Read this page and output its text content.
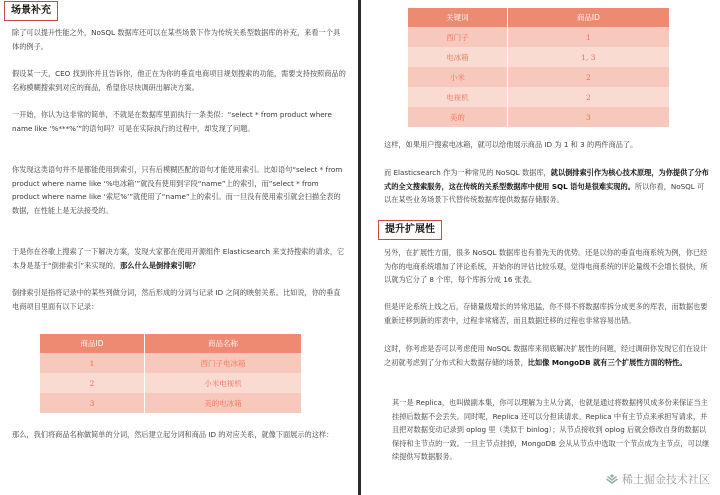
场景补充

除了可以提升性能之外，NoSQL 数据库还可以在某些场景下作为传统关系型数据库的补充，来看一个具体的例子。

假设某一天，CEO 找到你并且告诉你，他正在为你的垂直电商项目规划搜索的功能，需要支持按照商品的名称模糊搜索到对应的商品，希望你尽快调研出解决方案。

一开始，你认为这非常的简单，不就是在数据库里面执行一条类似：“select * from product where name like ‘%***%’”的语句吗？可是在实际执行的过程中，却发现了问题。

你发现这类语句并不是都能使用到索引，只有后模糊匹配的语句才能使用索引。比如语句“select * from product where name like ‘%电冰箱’”就没有使用到字段“name”上的索引，而“select * from product where name like ‘索尼%’”就使用了“name”上的索引。而一旦没有使用索引就会扫描全表的数据，在性能上是无法接受的。

于是你在谷歌上搜索了一下解决方案，发现大家都在使用开源组件 Elasticsearch 来支持搜索的请求，它本身是基于“倒排索引”来实现的，那么什么是倒排索引呢？

倒排索引是指将记录中的某些列做分词，然后形成的分词与记录 ID 之间的映射关系。比如说，你的垂直电商项目里面有以下记录：

商品ID	商品名称
1	西门子电冰箱
2	小米电视机
3	美的电冰箱

那么，我们将商品名称做简单的分词，然后建立起分词和商品 ID 的对应关系，就像下面展示的这样：

关键词	商品ID
西门子	1
电冰箱	1, 3
小米	2
电视机	2
美的	3

这样，如果用户搜索电冰箱，就可以给他展示商品 ID 为 1 和 3 的两件商品了。

而 Elasticsearch 作为一种常见的 NoSQL 数据库，就以倒排索引作为核心技术原理，为你提供了分布式的全文搜索服务，这在传统的关系型数据库中使用 SQL 语句是很难实现的。所以你看，NoSQL 可以在某些业务场景下代替传统数据库提供数据存储服务。

提升扩展性

另外，在扩展性方面，很多 NoSQL 数据库也有着先天的优势。还是以你的垂直电商系统为例，你已经为你的电商系统增加了评论系统，开始你的评估比较乐观，觉得电商系统的评论量级不会增长很快，所以就为它分了 8 个库，每个库拆分成 16 张表。

但是评论系统上线之后，存储量级增长的异常迅猛，你不得不将数据库拆分成更多的库表，而数据也要重新迁移到新的库表中，过程非常痛苦，而且数据迁移的过程也非常容易出错。

这时，你考虑是否可以考虑使用 NoSQL 数据库来彻底解决扩展性的问题，经过调研你发现它们在设计之初就考虑到了分布式和大数据存储的场景，比如像 MongoDB 就有三个扩展性方面的特性。

其一是 Replica，也叫做副本集，你可以理解为主从分离，也就是通过将数据拷贝成多份来保证当主挂掉后数据不会丢失。同时呢，Replica 还可以分担读请求。Replica 中有主节点来承担写请求，并且把对数据变动记录到 oplog 里（类似于 binlog）；从节点接收到 oplog 后就会修改自身的数据以保持和主节点的一致。一旦主节点挂掉，MongoDB 会从从节点中选取一个节点成为主节点，可以继续提供写数据服务。

稀土掘金技术社区
